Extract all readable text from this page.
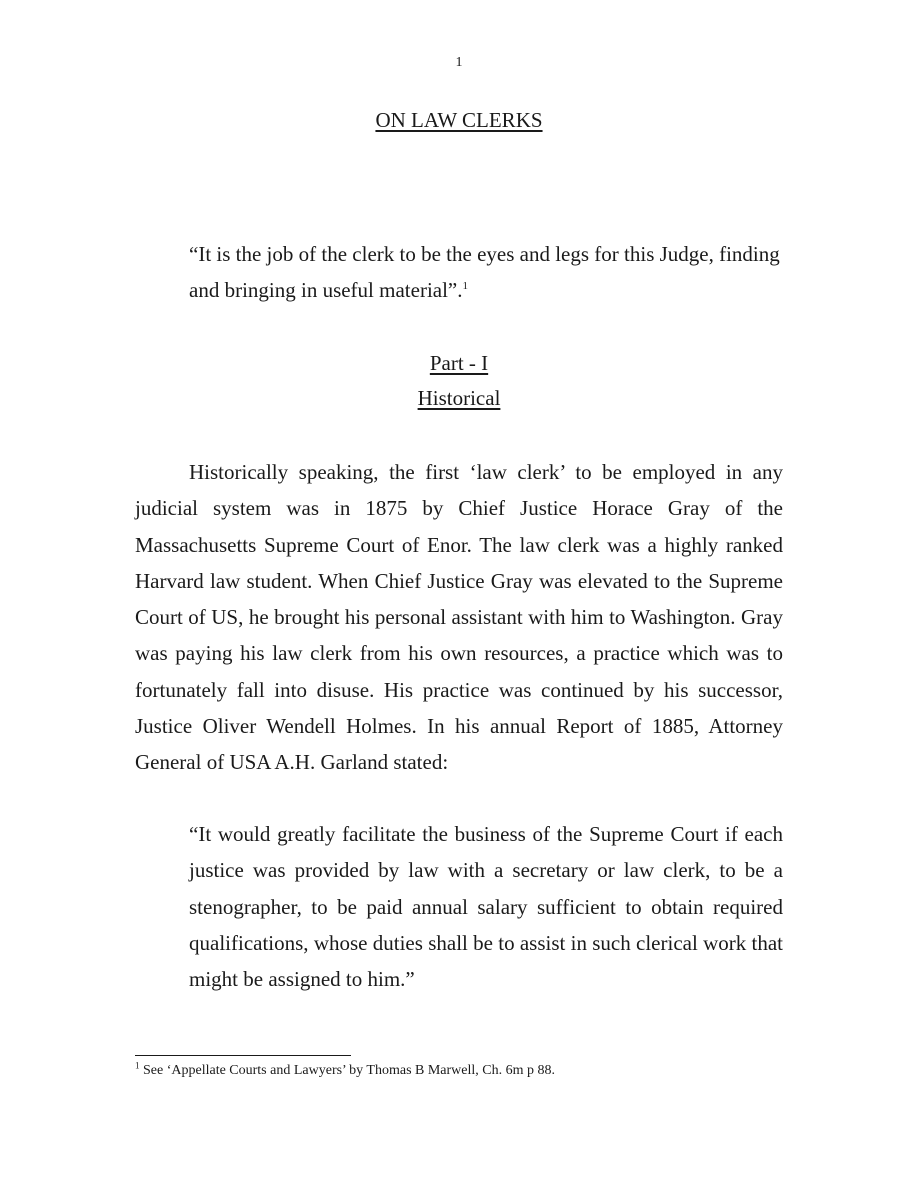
1
ON LAW CLERKS

“It is the job of the clerk to be the eyes and legs for this Judge, finding and bringing in useful material”.$^1$

Part - I
Historical

Historically speaking, the first ‘law clerk’ to be employed in any judicial system was in 1875 by Chief Justice Horace Gray of the Massachusetts Supreme Court of Enor. The law clerk was a highly ranked Harvard law student. When Chief Justice Gray was elevated to the Supreme Court of US, he brought his personal assistant with him to Washington. Gray was paying his law clerk from his own resources, a practice which was to fortunately fall into disuse. His practice was continued by his successor, Justice Oliver Wendell Holmes. In his annual Report of 1885, Attorney General of USA A.H. Garland stated:

“It would greatly facilitate the business of the Supreme Court if each justice was provided by law with a secretary or law clerk, to be a stenographer, to be paid annual salary sufficient to obtain required qualifications, whose duties shall be to assist in such clerical work that might be assigned to him.”

$^1$ See ‘Appellate Courts and Lawyers’ by Thomas B Marwell, Ch. 6m p 88.
